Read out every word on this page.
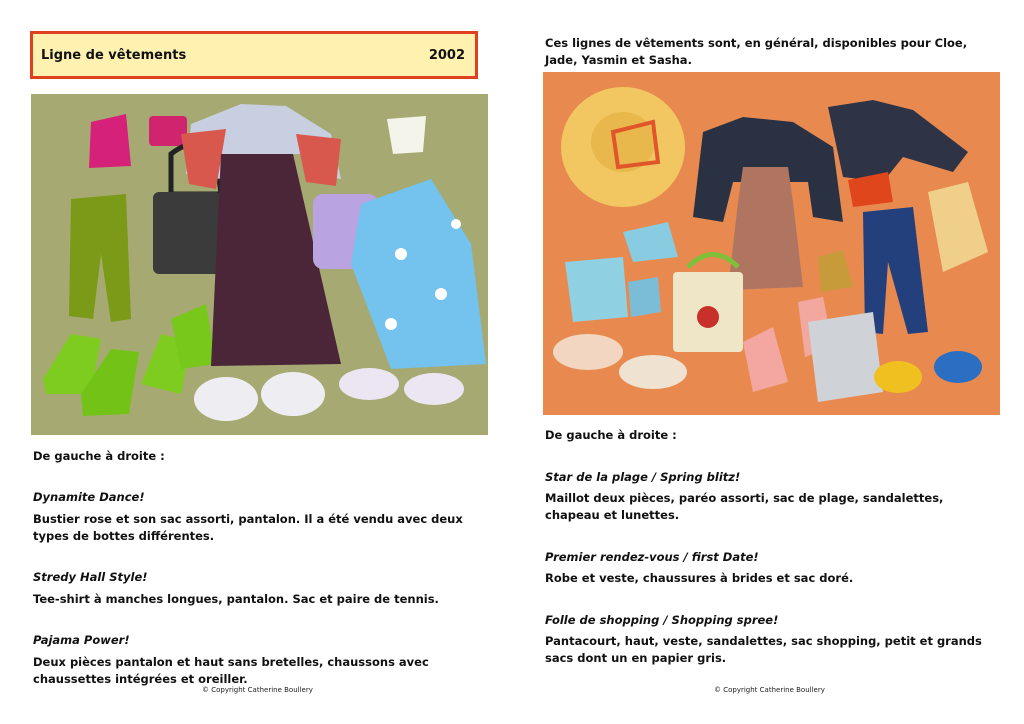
Ligne de vêtements	2002
De gauche à droite :
Dynamite Dance!
Bustier rose et son sac assorti, pantalon. Il a été vendu avec deux types de bottes différentes.
Stredy Hall Style!
Tee-shirt à manches longues, pantalon. Sac et paire de tennis.
Pajama Power!
Deux pièces pantalon et haut sans bretelles, chaussons avec chaussettes intégrées et oreiller.
© Copyright Catherine Boullery
Ces lignes de vêtements sont, en général, disponibles pour Cloe, Jade, Yasmin et Sasha.
De gauche à droite :
Star de la plage / Spring blitz!
Maillot deux pièces, paréo assorti, sac de plage, sandalettes, chapeau et lunettes.
Premier rendez-vous / first Date!
Robe et veste, chaussures à brides et sac doré.
Folle de shopping / Shopping spree!
Pantacourt, haut, veste, sandalettes, sac shopping, petit et grands sacs dont un en papier gris.
© Copyright Catherine Boullery
